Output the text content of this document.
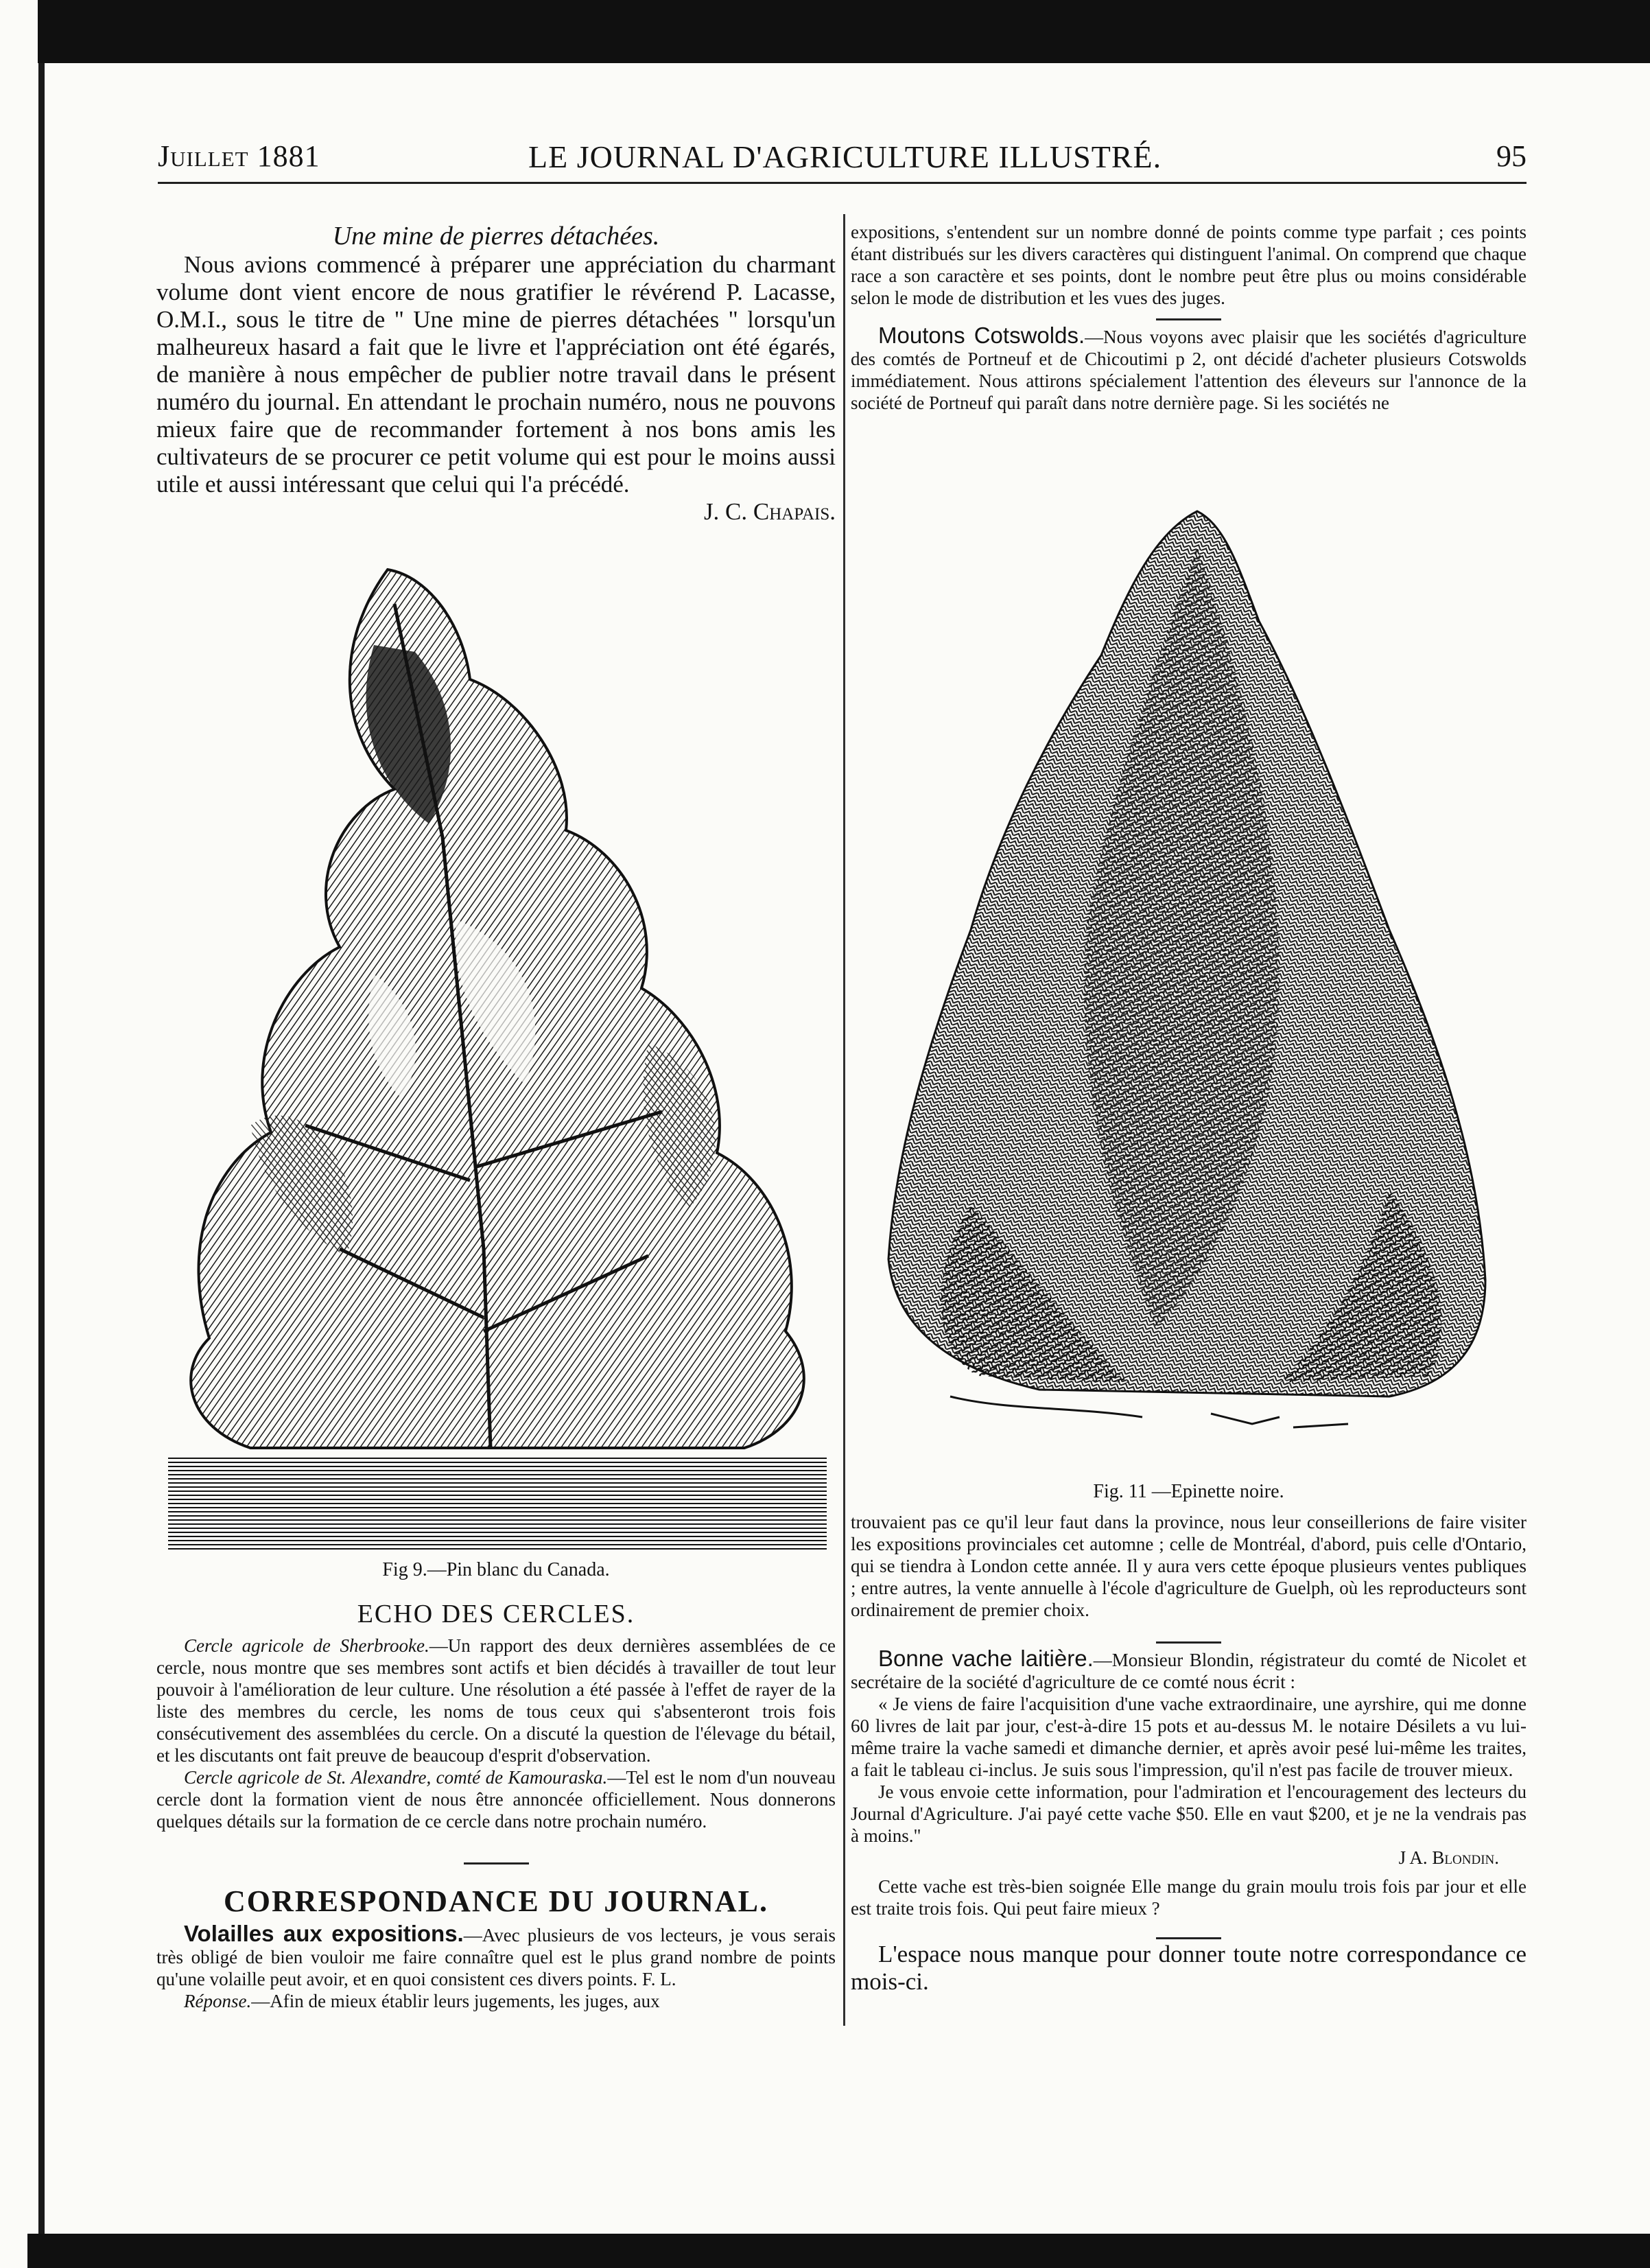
Juillet 1881	LE JOURNAL D'AGRICULTURE ILLUSTRÉ.	95
Une mine de pierres détachées.

Nous avions commencé à préparer une appréciation du charmant volume dont vient encore de nous gratifier le révérend P. Lacasse, O.M.I., sous le titre de " Une mine de pierres détachées " lorsqu'un malheureux hasard a fait que le livre et l'appréciation ont été égarés, de manière à nous empêcher de publier notre travail dans le présent numéro du journal. En attendant le prochain numéro, nous ne pouvons mieux faire que de recommander fortement à nos bons amis les cultivateurs de se procurer ce petit volume qui est pour le moins aussi utile et aussi intéressant que celui qui l'a précédé.

J. C. Chapais.
Fig 9.—Pin blanc du Canada.
ECHO DES CERCLES.

Cercle agricole de Sherbrooke.—Un rapport des deux dernières assemblées de ce cercle, nous montre que ses membres sont actifs et bien décidés à travailler de tout leur pouvoir à l'amélioration de leur culture. Une résolution a été passée à l'effet de rayer de la liste des membres du cercle, les noms de tous ceux qui s'absenteront trois fois consécutivement des assemblées du cercle. On a discuté la question de l'élevage du bétail, et les discutants ont fait preuve de beaucoup d'esprit d'observation.

Cercle agricole de St. Alexandre, comté de Kamouraska.—Tel est le nom d'un nouveau cercle dont la formation vient de nous être annoncée officiellement. Nous donnerons quelques détails sur la formation de ce cercle dans notre prochain numéro.

CORRESPONDANCE DU JOURNAL.

Volailles aux expositions.—Avec plusieurs de vos lecteurs, je vous serais très obligé de bien vouloir me faire connaître quel est le plus grand nombre de points qu'une volaille peut avoir, et en quoi consistent ces divers points. F. L.

Réponse.—Afin de mieux établir leurs jugements, les juges, aux

expositions, s'entendent sur un nombre donné de points comme type parfait ; ces points étant distribués sur les divers caractères qui distinguent l'animal. On comprend que chaque race a son caractère et ses points, dont le nombre peut être plus ou moins considérable selon le mode de distribution et les vues des juges.

Moutons Cotswolds.—Nous voyons avec plaisir que les sociétés d'agriculture des comtés de Portneuf et de Chicoutimi p 2, ont décidé d'acheter plusieurs Cotswolds immédiatement. Nous attirons spécialement l'attention des éleveurs sur l'annonce de la société de Portneuf qui paraît dans notre dernière page. Si les sociétés ne

Fig. 11 —Epinette noire.

trouvaient pas ce qu'il leur faut dans la province, nous leur conseillerions de faire visiter les expositions provinciales cet automne ; celle de Montréal, d'abord, puis celle d'Ontario, qui se tiendra à London cette année. Il y aura vers cette époque plusieurs ventes publiques ; entre autres, la vente annuelle à l'école d'agriculture de Guelph, où les reproducteurs sont ordinairement de premier choix.

Bonne vache laitière.—Monsieur Blondin, régistrateur du comté de Nicolet et secrétaire de la société d'agriculture de ce comté nous écrit :

« Je viens de faire l'acquisition d'une vache extraordinaire, une ayrshire, qui me donne 60 livres de lait par jour, c'est-à-dire 15 pots et au-dessus M. le notaire Désilets a vu lui-même traire la vache samedi et dimanche dernier, et après avoir pesé lui-même les traites, a fait le tableau ci-inclus. Je suis sous l'impression, qu'il n'est pas facile de trouver mieux.

Je vous envoie cette information, pour l'admiration et l'encouragement des lecteurs du Journal d'Agriculture. J'ai payé cette vache $50. Elle en vaut $200, et je ne la vendrais pas à moins."

J A. Blondin.

Cette vache est très-bien soignée Elle mange du grain moulu trois fois par jour et elle est traite trois fois. Qui peut faire mieux ?

L'espace nous manque pour donner toute notre correspondance ce mois-ci.
